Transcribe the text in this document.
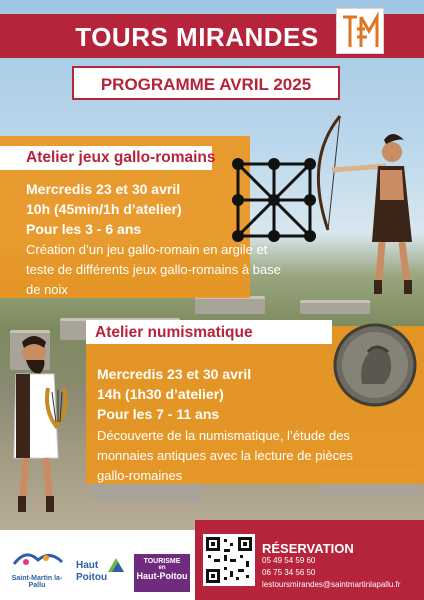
TOURS MIRANDES
PROGRAMME AVRIL 2025
Atelier jeux gallo-romains
Mercredis 23 et 30 avril
10h (45min/1h d’atelier)
Pour les 3 - 6 ans
Création d’un jeu gallo-romain en argile et
teste de différents jeux gallo-romains à base
de noix
Atelier numismatique
Mercredis 23 et 30 avril
14h (1h30 d’atelier)
Pour les 7 - 11 ans
Découverte de la numismatique, l’étude des
monnaies antiques avec la lecture de pièces
gallo-romaines
Saint-Martin la-Pallu
Haut Poitou
TOURISME
en
Haut-Poitou
RÉSERVATION
05 49 54 59 60
06 75 34 56 50
lestoursmirandes@saintmartinlapallu.fr
